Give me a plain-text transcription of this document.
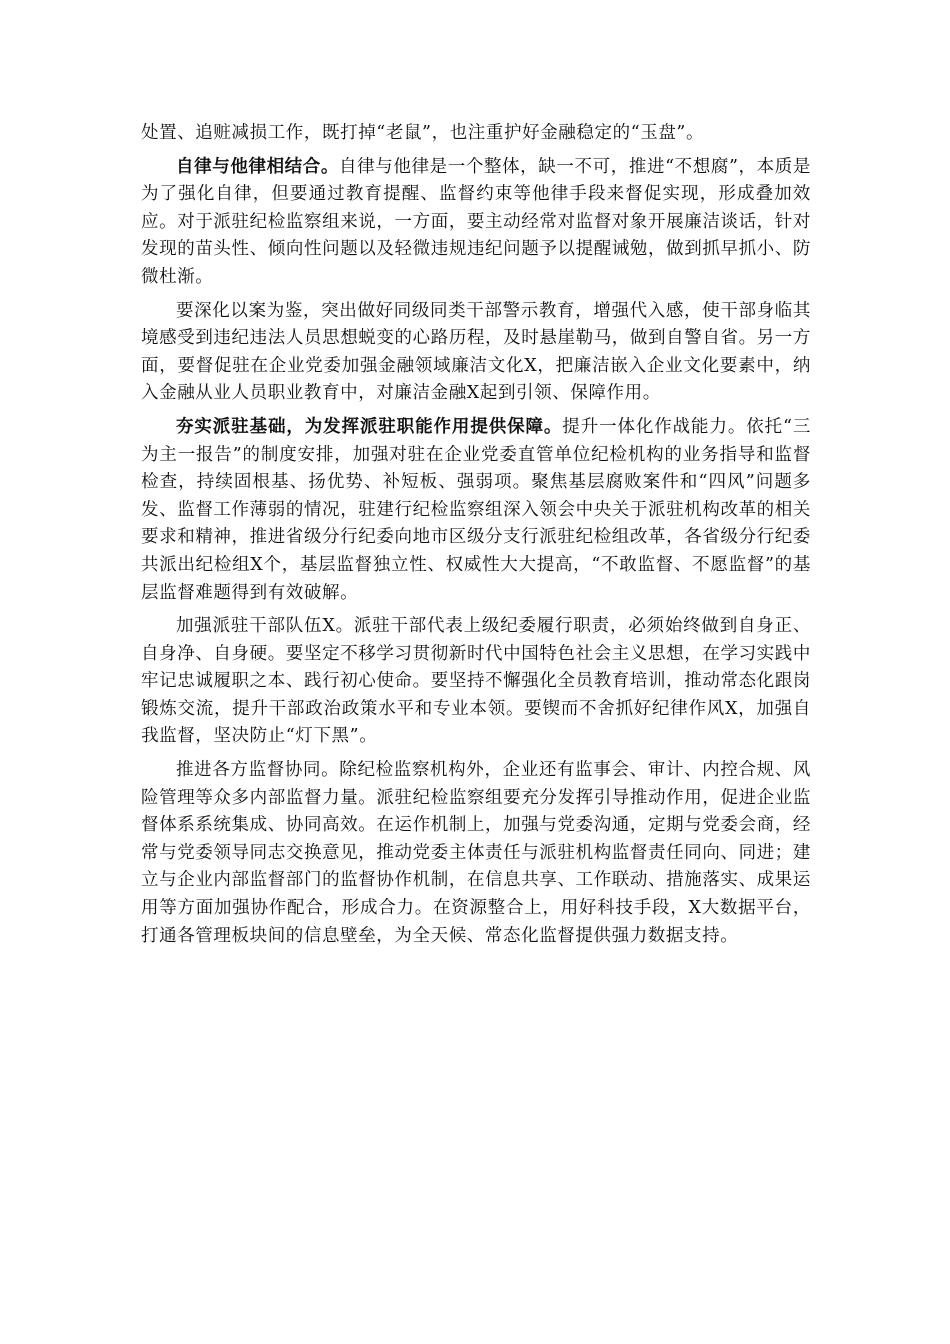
处置、追赃减损工作，既打掉“老鼠”，也注重护好金融稳定的“玉盘”。

自律与他律相结合。自律与他律是一个整体，缺一不可，推进“不想腐”，本质是为了强化自律，但要通过教育提醒、监督约束等他律手段来督促实现，形成叠加效应。对于派驻纪检监察组来说，一方面，要主动经常对监督对象开展廉洁谈话，针对发现的苗头性、倾向性问题以及轻微违规违纪问题予以提醒诫勉，做到抓早抓小、防微杜渐。

要深化以案为鉴，突出做好同级同类干部警示教育，增强代入感，使干部身临其境感受到违纪违法人员思想蜕变的心路历程，及时悬崖勒马，做到自警自省。另一方面，要督促驻在企业党委加强金融领域廉洁文化X，把廉洁嵌入企业文化要素中，纳入金融从业人员职业教育中，对廉洁金融X起到引领、保障作用。

夯实派驻基础，为发挥派驻职能作用提供保障。提升一体化作战能力。依托“三为主一报告”的制度安排，加强对驻在企业党委直管单位纪检机构的业务指导和监督检查，持续固根基、扬优势、补短板、强弱项。聚焦基层腐败案件和“四风”问题多发、监督工作薄弱的情况，驻建行纪检监察组深入领会中央关于派驻机构改革的相关要求和精神，推进省级分行纪委向地市区级分支行派驻纪检组改革，各省级分行纪委共派出纪检组X个，基层监督独立性、权威性大大提高，“不敢监督、不愿监督”的基层监督难题得到有效破解。

加强派驻干部队伍X。派驻干部代表上级纪委履行职责，必须始终做到自身正、自身净、自身硬。要坚定不移学习贯彻新时代中国特色社会主义思想，在学习实践中牢记忠诚履职之本、践行初心使命。要坚持不懈强化全员教育培训，推动常态化跟岗锻炼交流，提升干部政治政策水平和专业本领。要锲而不舍抓好纪律作风X，加强自我监督，坚决防止“灯下黑”。

推进各方监督协同。除纪检监察机构外，企业还有监事会、审计、内控合规、风险管理等众多内部监督力量。派驻纪检监察组要充分发挥引导推动作用，促进企业监督体系系统集成、协同高效。在运作机制上，加强与党委沟通，定期与党委会商，经常与党委领导同志交换意见，推动党委主体责任与派驻机构监督责任同向、同进；建立与企业内部监督部门的监督协作机制，在信息共享、工作联动、措施落实、成果运用等方面加强协作配合，形成合力。在资源整合上，用好科技手段，X大数据平台，打通各管理板块间的信息壁垒，为全天候、常态化监督提供强力数据支持。
